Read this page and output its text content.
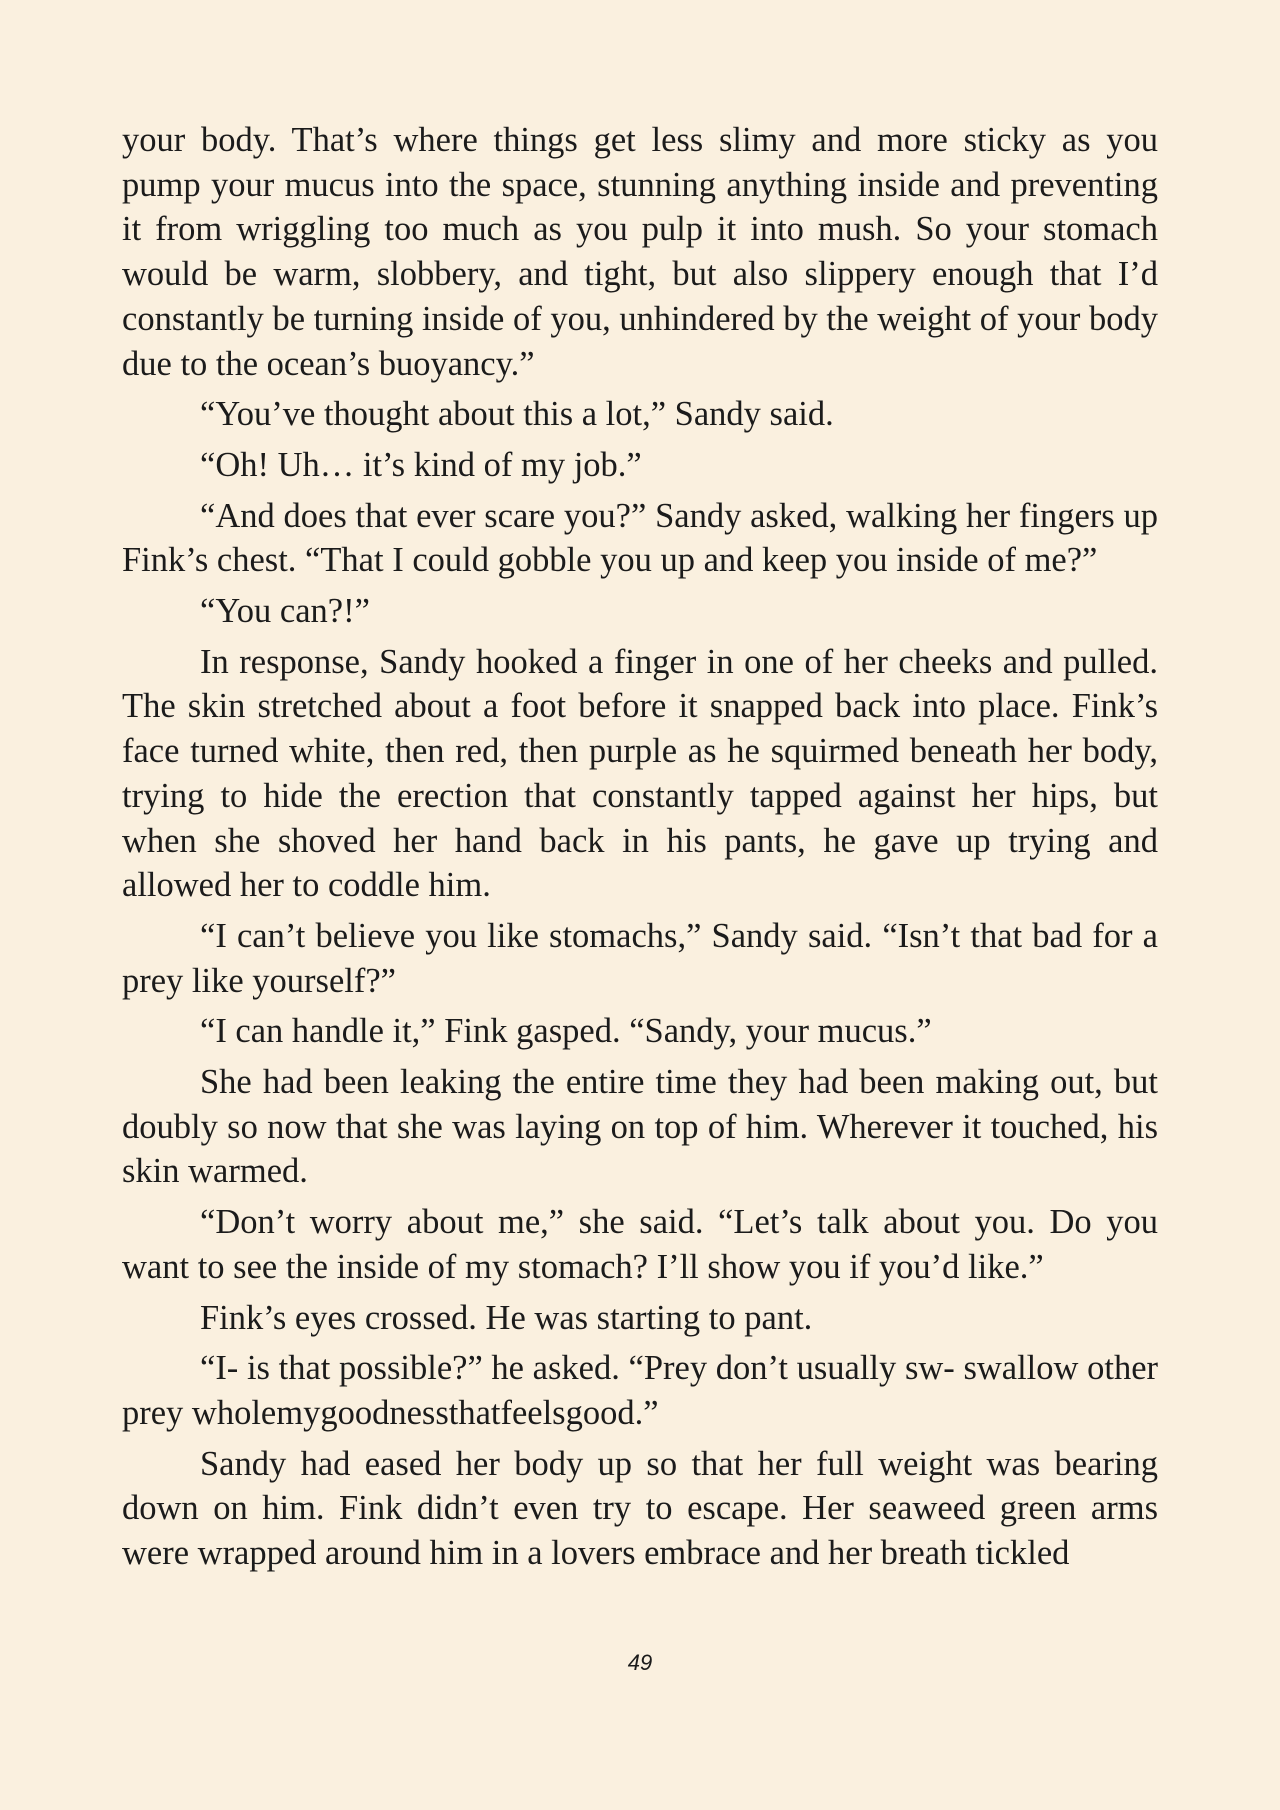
your body. That’s where things get less slimy and more sticky as you pump your mucus into the space, stunning anything inside and preventing it from wriggling too much as you pulp it into mush. So your stomach would be warm, slobbery, and tight, but also slippery enough that I’d constantly be turning inside of you, unhindered by the weight of your body due to the ocean’s buoyancy.”

“You’ve thought about this a lot,” Sandy said.

“Oh! Uh… it’s kind of my job.”

“And does that ever scare you?” Sandy asked, walking her fingers up Fink’s chest. “That I could gobble you up and keep you inside of me?”

“You can?!”

In response, Sandy hooked a finger in one of her cheeks and pulled. The skin stretched about a foot before it snapped back into place. Fink’s face turned white, then red, then purple as he squirmed beneath her body, trying to hide the erection that constantly tapped against her hips, but when she shoved her hand back in his pants, he gave up trying and allowed her to coddle him.

“I can’t believe you like stomachs,” Sandy said. “Isn’t that bad for a prey like yourself?”

“I can handle it,” Fink gasped. “Sandy, your mucus.”

She had been leaking the entire time they had been making out, but doubly so now that she was laying on top of him. Wherever it touched, his skin warmed.

“Don’t worry about me,” she said. “Let’s talk about you. Do you want to see the inside of my stomach? I’ll show you if you’d like.”

Fink’s eyes crossed. He was starting to pant.

“I- is that possible?” he asked. “Prey don’t usually sw- swallow other prey wholemygoodnessthatfeelsgood.”

Sandy had eased her body up so that her full weight was bearing down on him. Fink didn’t even try to escape. Her seaweed green arms were wrapped around him in a lovers embrace and her breath tickled

49
